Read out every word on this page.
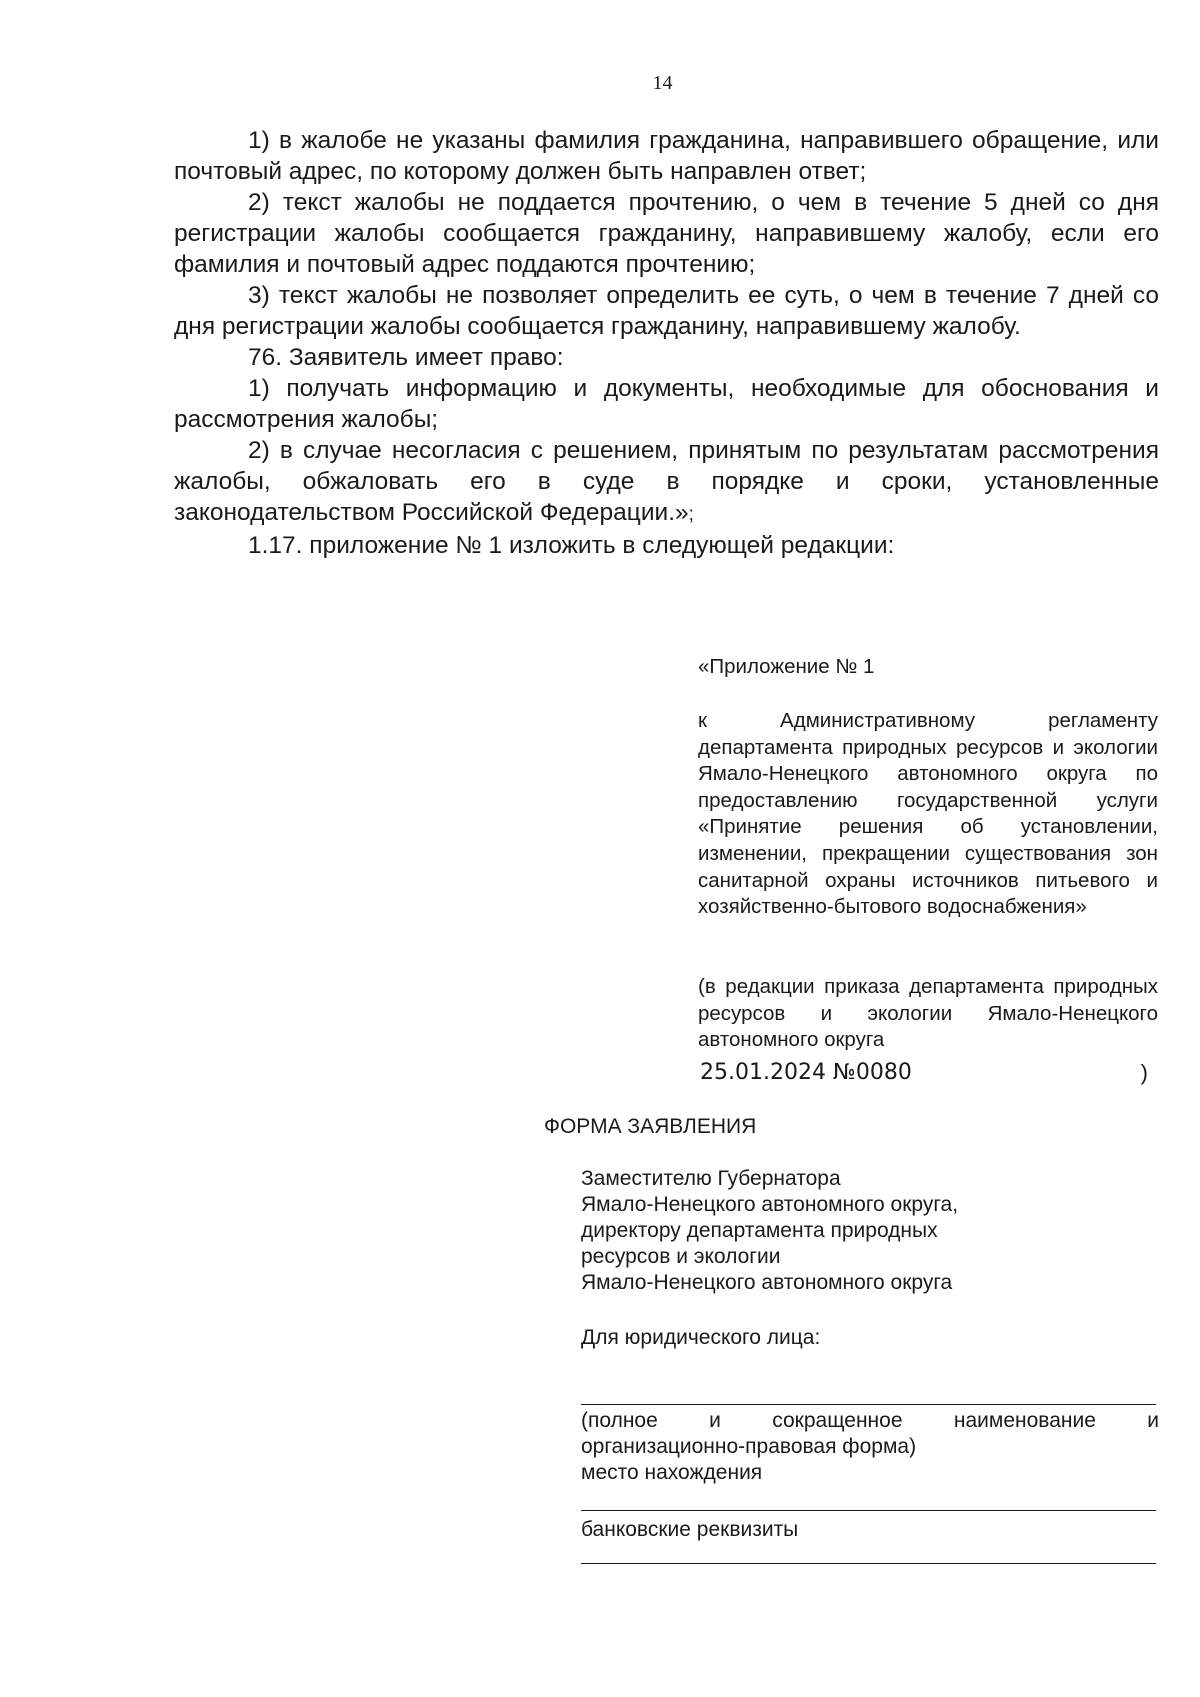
14

1) в жалобе не указаны фамилия гражданина, направившего обращение, или почтовый адрес, по которому должен быть направлен ответ;

2) текст жалобы не поддается прочтению, о чем в течение 5 дней со дня регистрации жалобы сообщается гражданину, направившему жалобу, если его фамилия и почтовый адрес поддаются прочтению;

3) текст жалобы не позволяет определить ее суть, о чем в течение 7 дней со дня регистрации жалобы сообщается гражданину, направившему жалобу.

76. Заявитель имеет право:

1) получать информацию и документы, необходимые для обоснования и рассмотрения жалобы;

2) в случае несогласия с решением, принятым по результатам рассмотрения жалобы, обжаловать его в суде в порядке и сроки, установленные законодательством Российской Федерации.»;

1.17. приложение № 1 изложить в следующей редакции:

«Приложение № 1

к Административному регламенту департамента природных ресурсов и экологии Ямало-Ненецкого автономного округа по предоставлению государственной услуги «Принятие решения об установлении, изменении, прекращении существования зон санитарной охраны источников питьевого и хозяйственно-бытового водоснабжения»

(в редакции приказа департамента природных ресурсов и экологии Ямало-Ненецкого автономного округа

25.01.2024 №0080	)
ФОРМА ЗАЯВЛЕНИЯ
Заместителю Губернатора
Ямало-Ненецкого автономного округа,
директору департамента природных
ресурсов и экологии
Ямало-Ненецкого автономного округа
Для юридического лица:

(полное и сокращенное наименование и

организационно-правовая форма)

место нахождения

банковские реквизиты
